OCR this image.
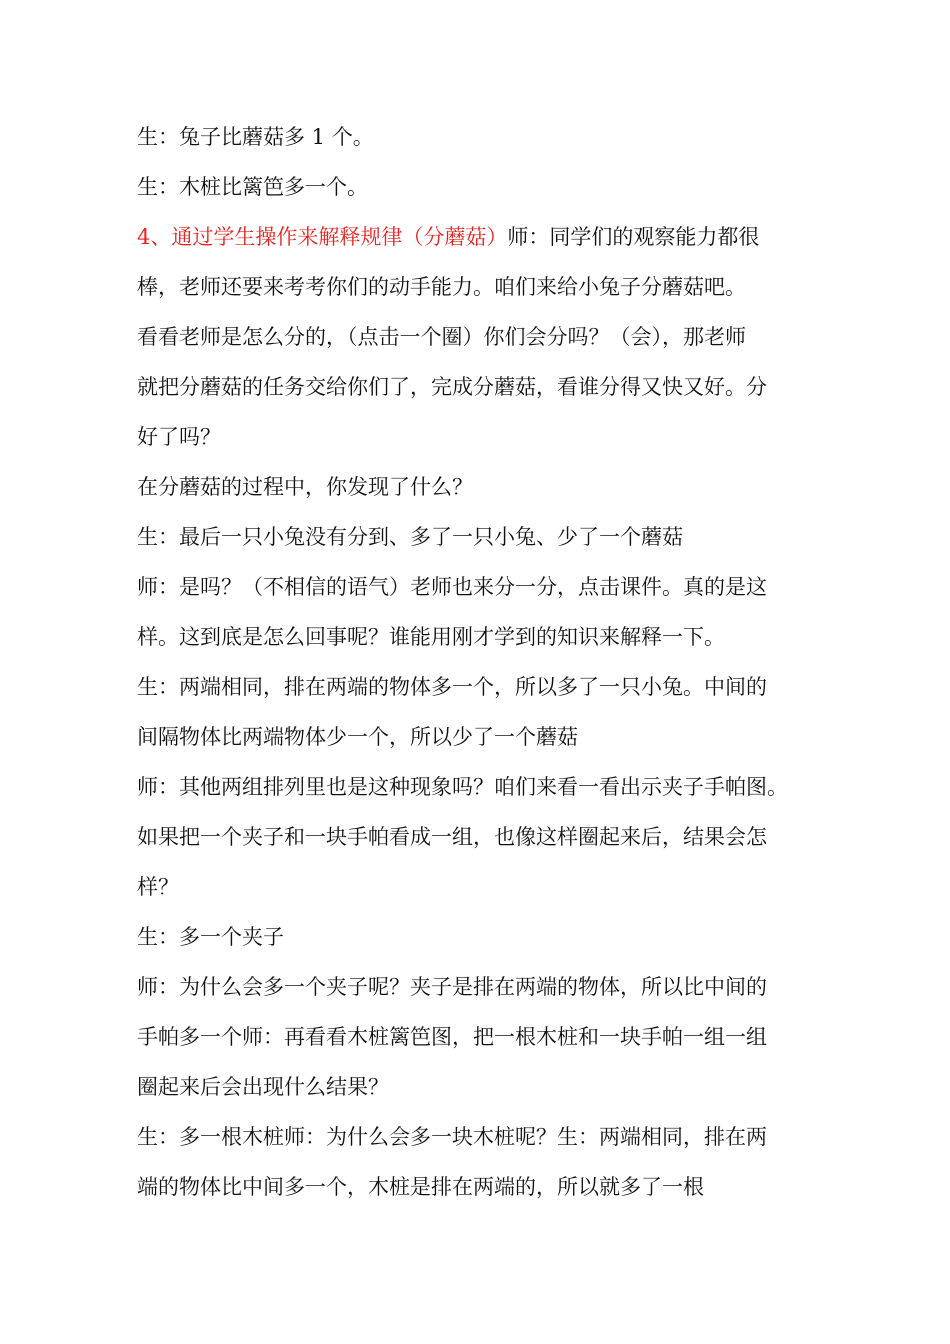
生：兔子比蘑菇多 1 个。
生：木桩比篱笆多一个。
4、通过学生操作来解释规律（分蘑菇）师：同学们的观察能力都很
棒，老师还要来考考你们的动手能力。咱们来给小兔子分蘑菇吧。
看看老师是怎么分的，（点击一个圈）你们会分吗？（会），那老师
就把分蘑菇的任务交给你们了，完成分蘑菇，看谁分得又快又好。分
好了吗？
在分蘑菇的过程中，你发现了什么？
生：最后一只小兔没有分到、多了一只小兔、少了一个蘑菇
师：是吗？（不相信的语气）老师也来分一分，点击课件。真的是这
样。这到底是怎么回事呢？谁能用刚才学到的知识来解释一下。
生：两端相同，排在两端的物体多一个，所以多了一只小兔。中间的
间隔物体比两端物体少一个，所以少了一个蘑菇
师：其他两组排列里也是这种现象吗？咱们来看一看出示夹子手帕图。
如果把一个夹子和一块手帕看成一组，也像这样圈起来后，结果会怎
样？
生：多一个夹子
师：为什么会多一个夹子呢？夹子是排在两端的物体，所以比中间的
手帕多一个师：再看看木桩篱笆图，把一根木桩和一块手帕一组一组
圈起来后会出现什么结果？
生：多一根木桩师：为什么会多一块木桩呢？生：两端相同，排在两
端的物体比中间多一个，木桩是排在两端的，所以就多了一根
